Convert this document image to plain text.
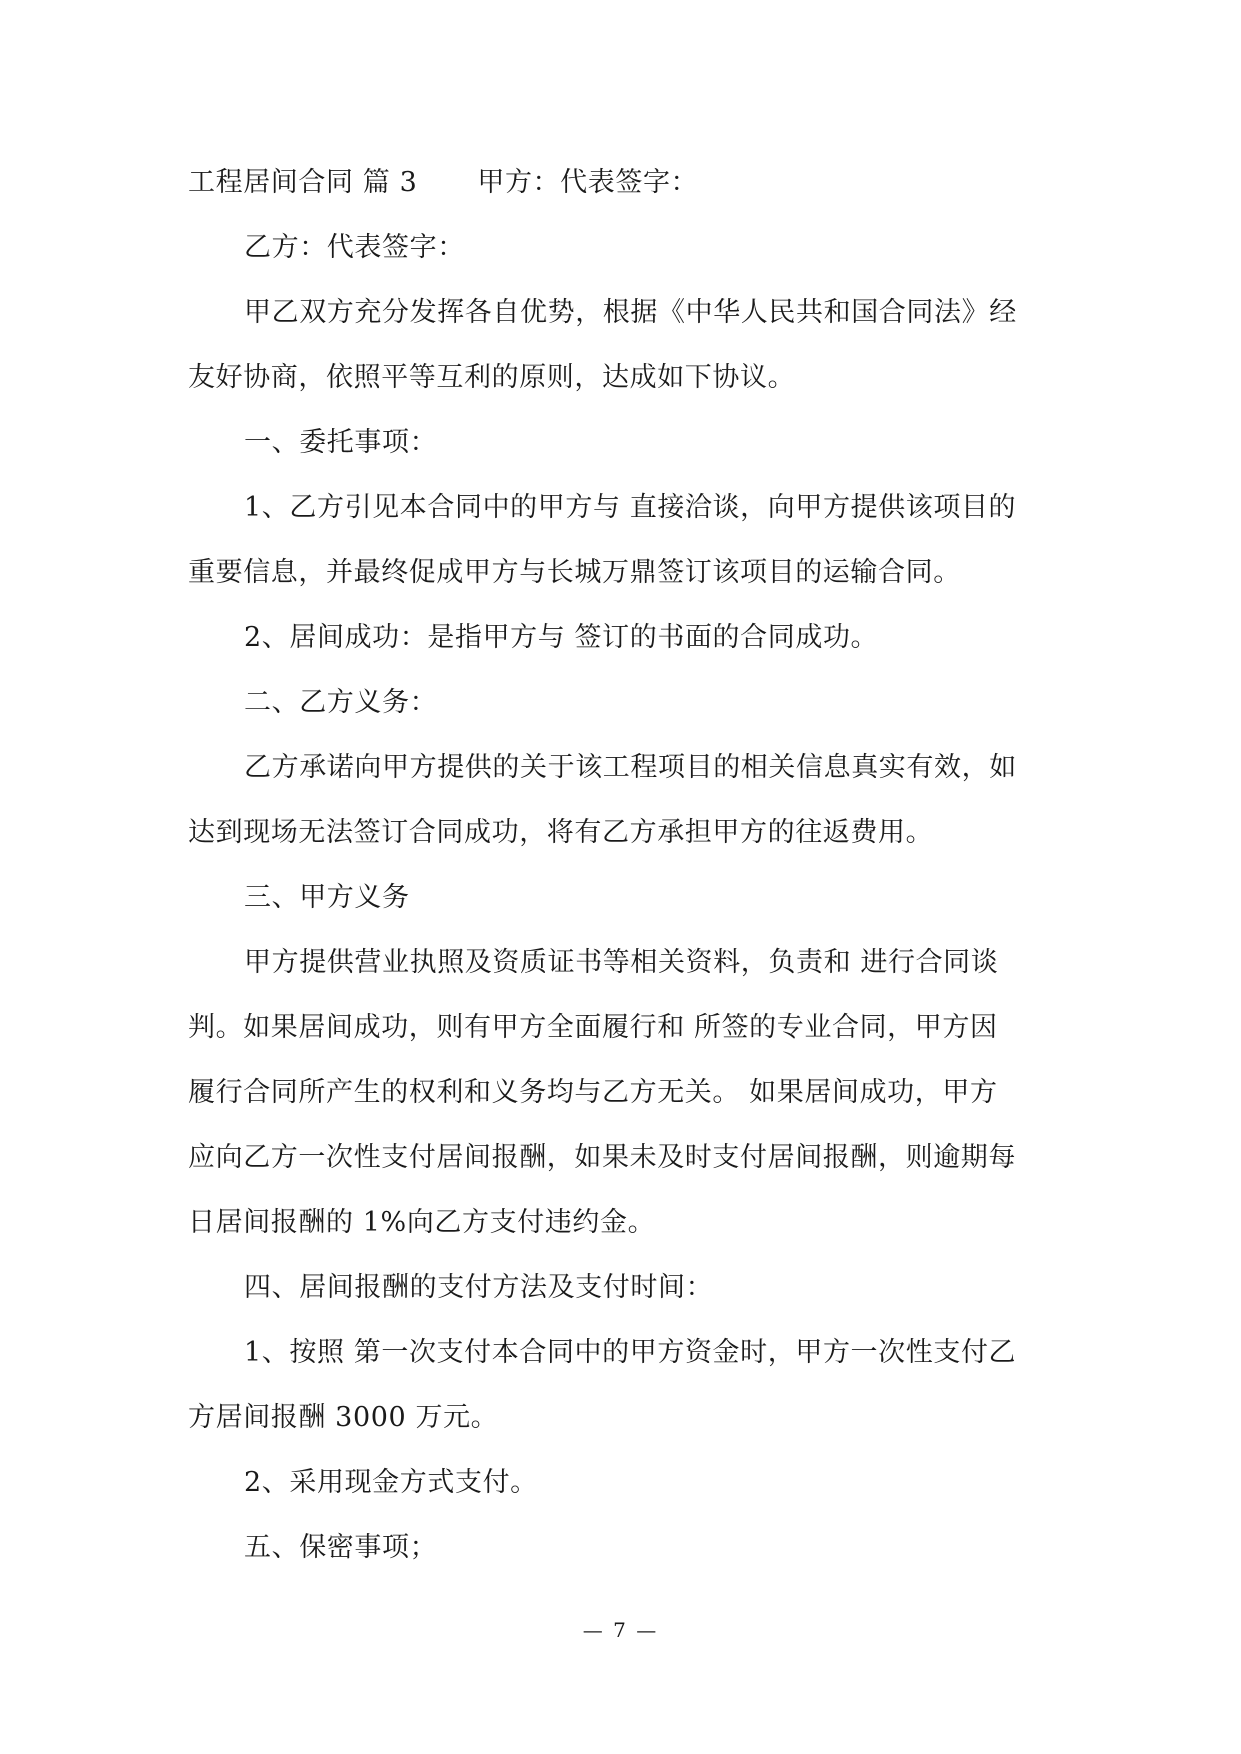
工程居间合同 篇 3 甲方：代表签字：
乙方：代表签字：
甲乙双方充分发挥各自优势，根据《中华人民共和国合同法》经
友好协商，依照平等互利的原则，达成如下协议。
一、委托事项：
1、乙方引见本合同中的甲方与 直接洽谈，向甲方提供该项目的
重要信息，并最终促成甲方与长城万鼎签订该项目的运输合同。
2、居间成功：是指甲方与 签订的书面的合同成功。
二、乙方义务：
乙方承诺向甲方提供的关于该工程项目的相关信息真实有效，如
达到现场无法签订合同成功，将有乙方承担甲方的往返费用。
三、甲方义务
甲方提供营业执照及资质证书等相关资料，负责和 进行合同谈
判。如果居间成功，则有甲方全面履行和 所签的专业合同，甲方因
履行合同所产生的权利和义务均与乙方无关。 如果居间成功，甲方
应向乙方一次性支付居间报酬，如果未及时支付居间报酬，则逾期每
日居间报酬的 1%向乙方支付违约金。
四、居间报酬的支付方法及支付时间：
1、按照 第一次支付本合同中的甲方资金时，甲方一次性支付乙
方居间报酬 3000 万元。
2、采用现金方式支付。
五、保密事项；
— 7 —
